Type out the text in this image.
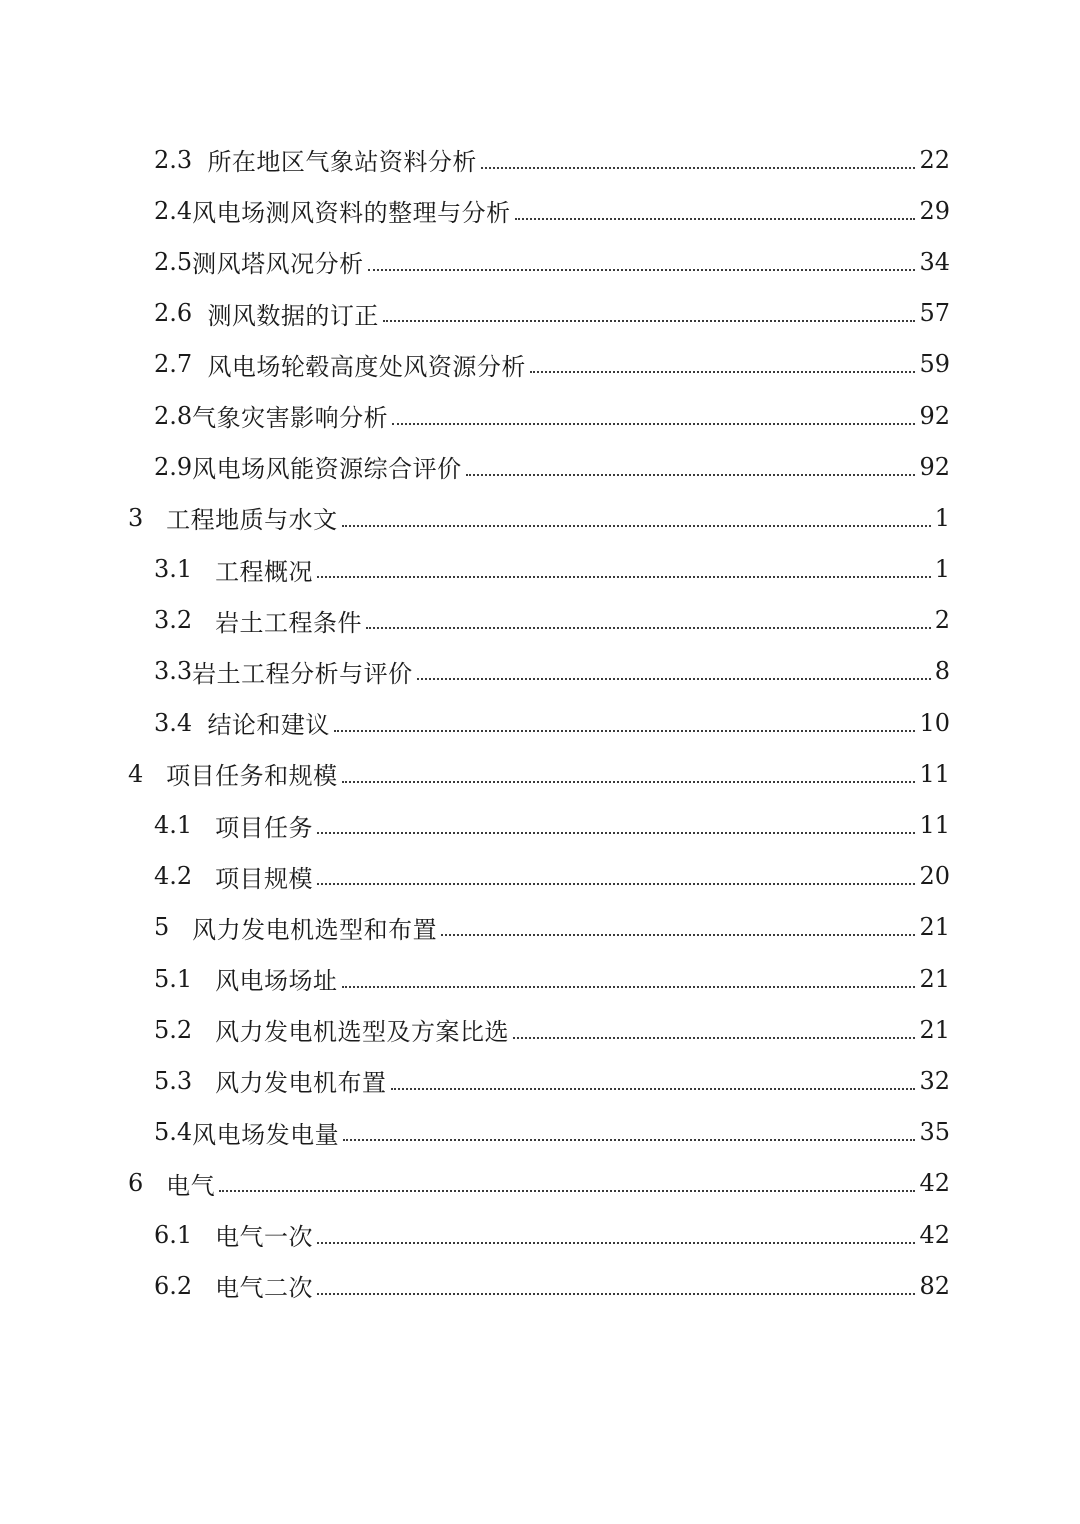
2.3 所在地区气象站资料分析	22
2.4 风电场测风资料的整理与分析	29
2.5 测风塔风况分析	34
2.6 测风数据的订正	57
2.7 风电场轮毂高度处风资源分析	59
2.8 气象灾害影响分析	92
2.9 风电场风能资源综合评价	92
3 工程地质与水文	1
3.1 工程概况	1
3.2 岩土工程条件	2
3.3 岩土工程分析与评价	8
3.4 结论和建议	10
4 项目任务和规模	11
4.1 项目任务	11
4.2 项目规模	20
5 风力发电机选型和布置	21
5.1 风电场场址	21
5.2 风力发电机选型及方案比选	21
5.3 风力发电机布置	32
5.4 风电场发电量	35
6 电气	42
6.1 电气一次	42
6.2 电气二次	82
